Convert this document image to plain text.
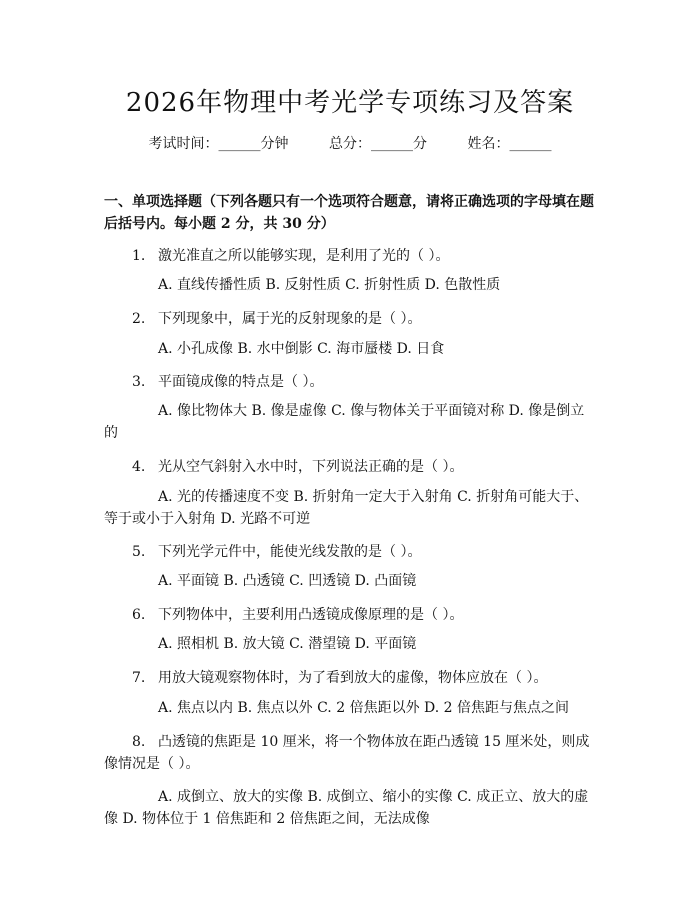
2026年物理中考光学专项练习及答案
考试时间：______分钟	总分：______分	姓名：______

一、单项选择题（下列各题只有一个选项符合题意，请将正确选项的字母填在题后括号内。每小题 2 分，共 30 分）

1. 激光准直之所以能够实现，是利用了光的（ ）。
A. 直线传播性质 B. 反射性质 C. 折射性质 D. 色散性质
2. 下列现象中，属于光的反射现象的是（ ）。
A. 小孔成像 B. 水中倒影 C. 海市蜃楼 D. 日食
3. 平面镜成像的特点是（ ）。
A. 像比物体大 B. 像是虚像 C. 像与物体关于平面镜对称 D. 像是倒立的
4. 光从空气斜射入水中时，下列说法正确的是（ ）。
A. 光的传播速度不变 B. 折射角一定大于入射角 C. 折射角可能大于、等于或小于入射角 D. 光路不可逆
5. 下列光学元件中，能使光线发散的是（ ）。
A. 平面镜 B. 凸透镜 C. 凹透镜 D. 凸面镜
6. 下列物体中，主要利用凸透镜成像原理的是（ ）。
A. 照相机 B. 放大镜 C. 潜望镜 D. 平面镜
7. 用放大镜观察物体时，为了看到放大的虚像，物体应放在（ ）。
A. 焦点以内 B. 焦点以外 C. 2 倍焦距以外 D. 2 倍焦距与焦点之间
8. 凸透镜的焦距是 10 厘米，将一个物体放在距凸透镜 15 厘米处，则成像情况是（ ）。
A. 成倒立、放大的实像 B. 成倒立、缩小的实像 C. 成正立、放大的虚像 D. 物体位于 1 倍焦距和 2 倍焦距之间，无法成像
